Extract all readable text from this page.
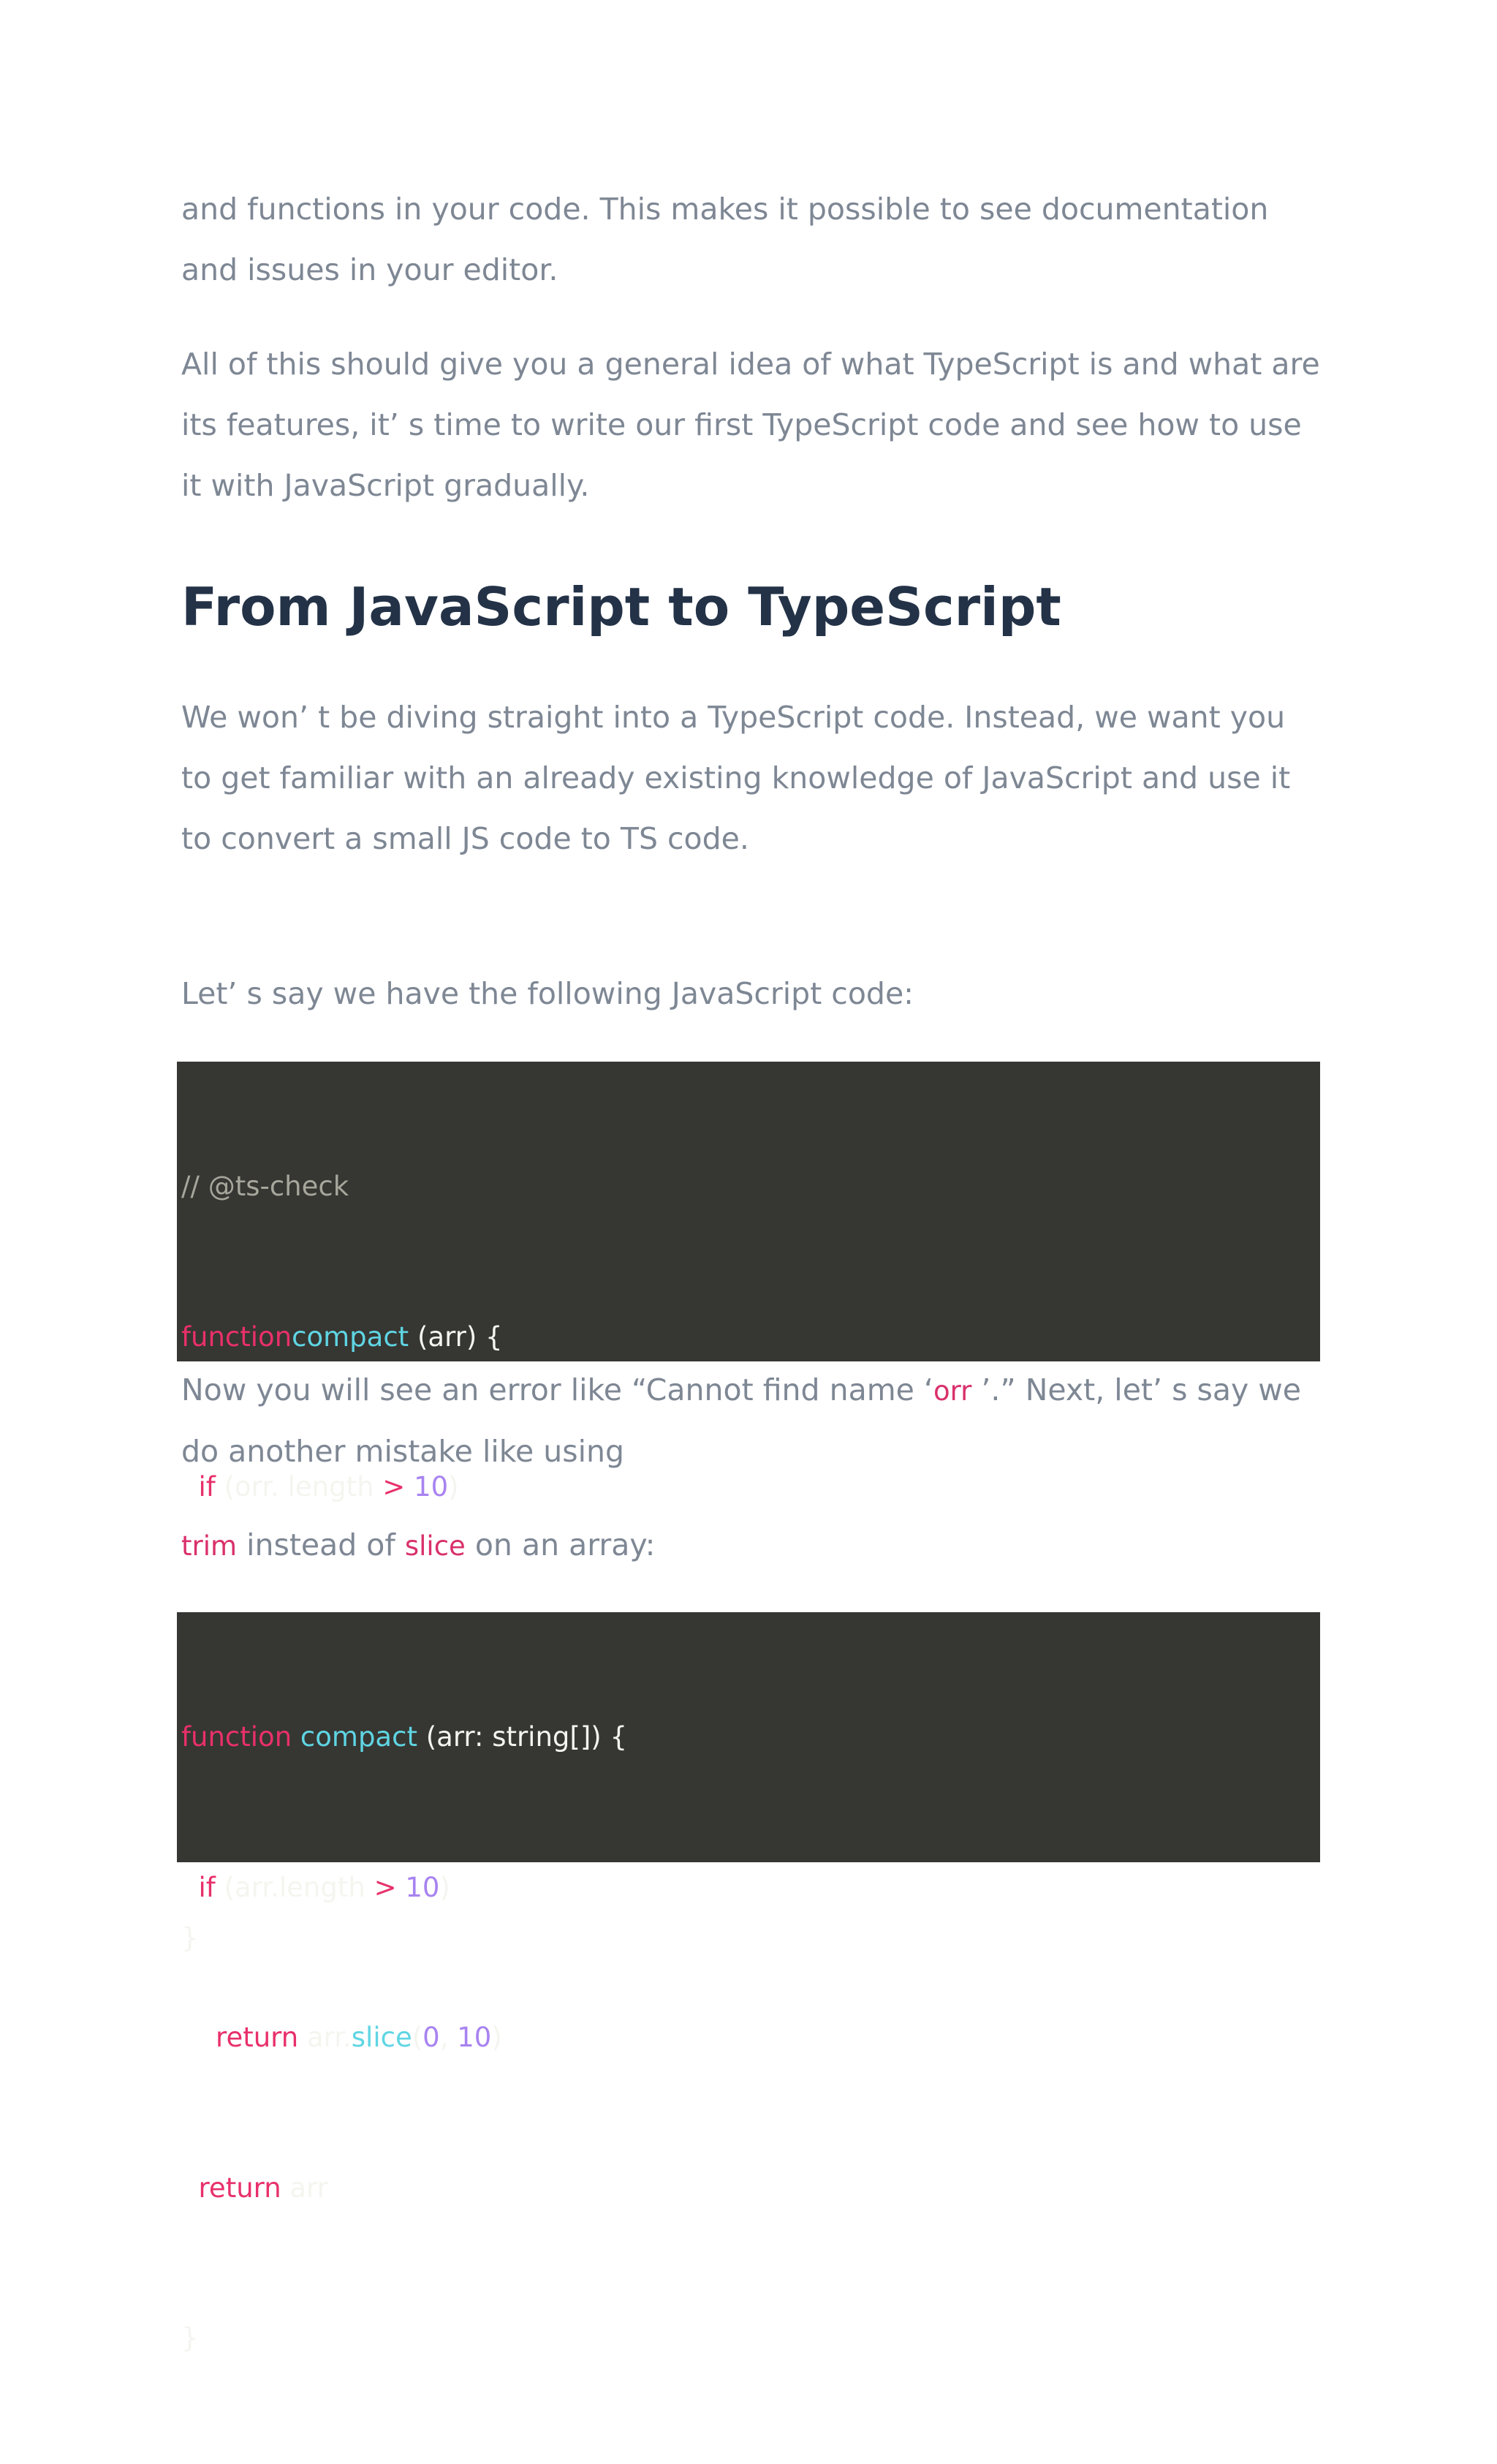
and functions in your code. This makes it possible to see documentation and issues in your editor.

All of this should give you a general idea of what TypeScript is and what are its features, it’ s time to write our first TypeScript code and see how to use it with JavaScript gradually.

From JavaScript to TypeScript

We won’ t be diving straight into a TypeScript code. Instead, we want you to get familiar with an already existing knowledge of JavaScript and use it to convert a small JS code to TS code.

Let’ s say we have the following JavaScript code:

// @ts-check

functioncompact (arr) {

if (orr. length > 10)

}

Now you will see an error like “Cannot find name ‘orr ’.” Next, let’ s say we do another mistake like using

trim instead of slice on an array:

function compact (arr: string[]) {

if (arr.length > 10)

return arr.slice(0, 10)

return arr

}
